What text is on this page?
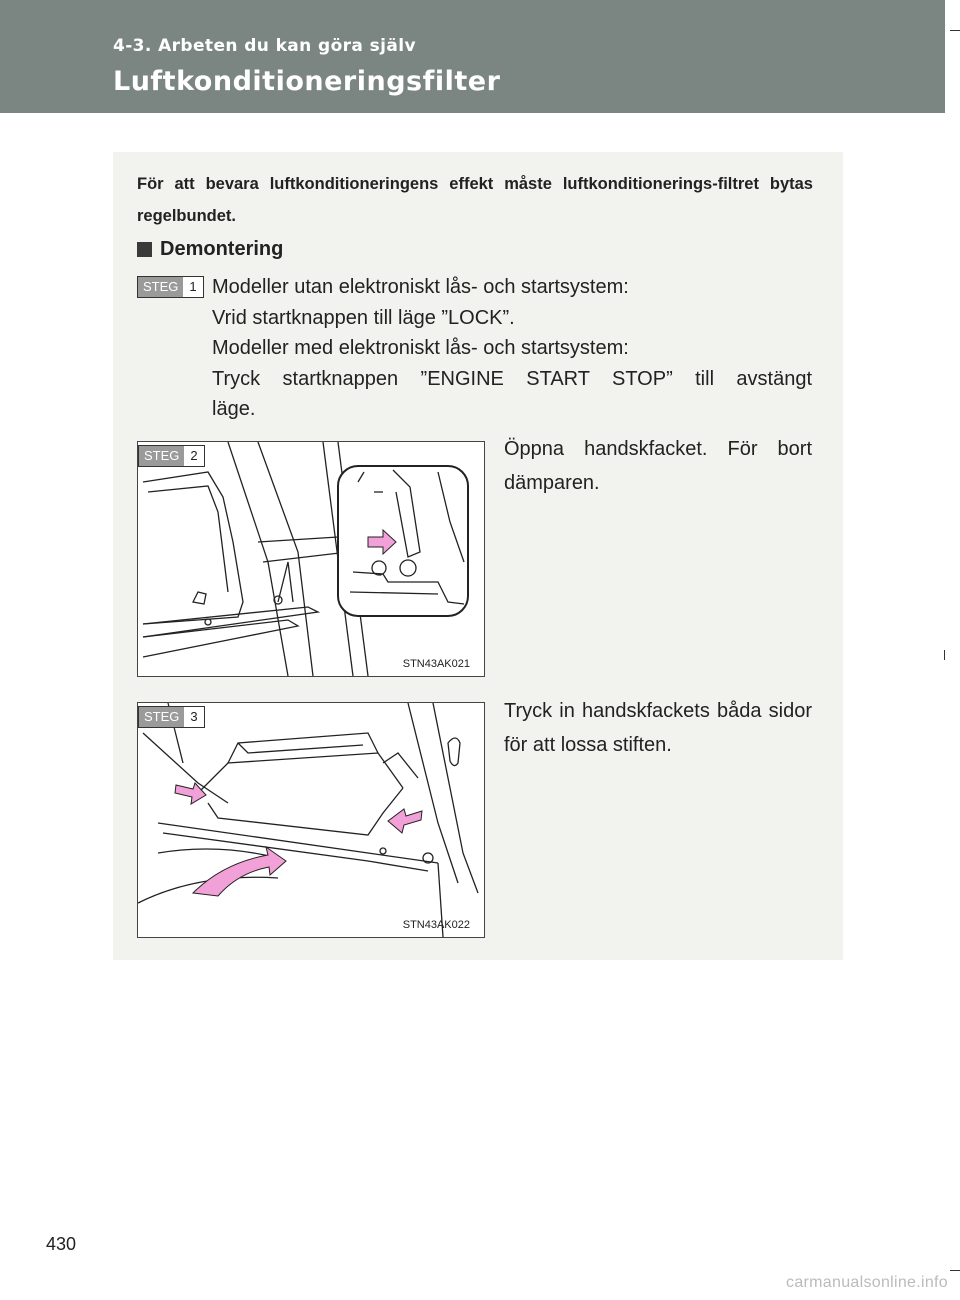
4-3. Arbeten du kan göra själv
Luftkonditioneringsfilter
För att bevara luftkonditioneringens effekt måste luftkonditionerings-filtret bytas regelbundet.
Demontering
STEG 1 Modeller utan elektroniskt lås- och startsystem:
Vrid startknappen till läge ”LOCK”.
Modeller med elektroniskt lås- och startsystem:
Tryck startknappen ”ENGINE START STOP” till avstängt
läge.
STN43AK021
STEG 2	Öppna handskfacket. För bort dämparen.
STN43AK022
STEG 3	Tryck in handskfackets båda sidor för att lossa stiften.
430
carmanualsonline.info
